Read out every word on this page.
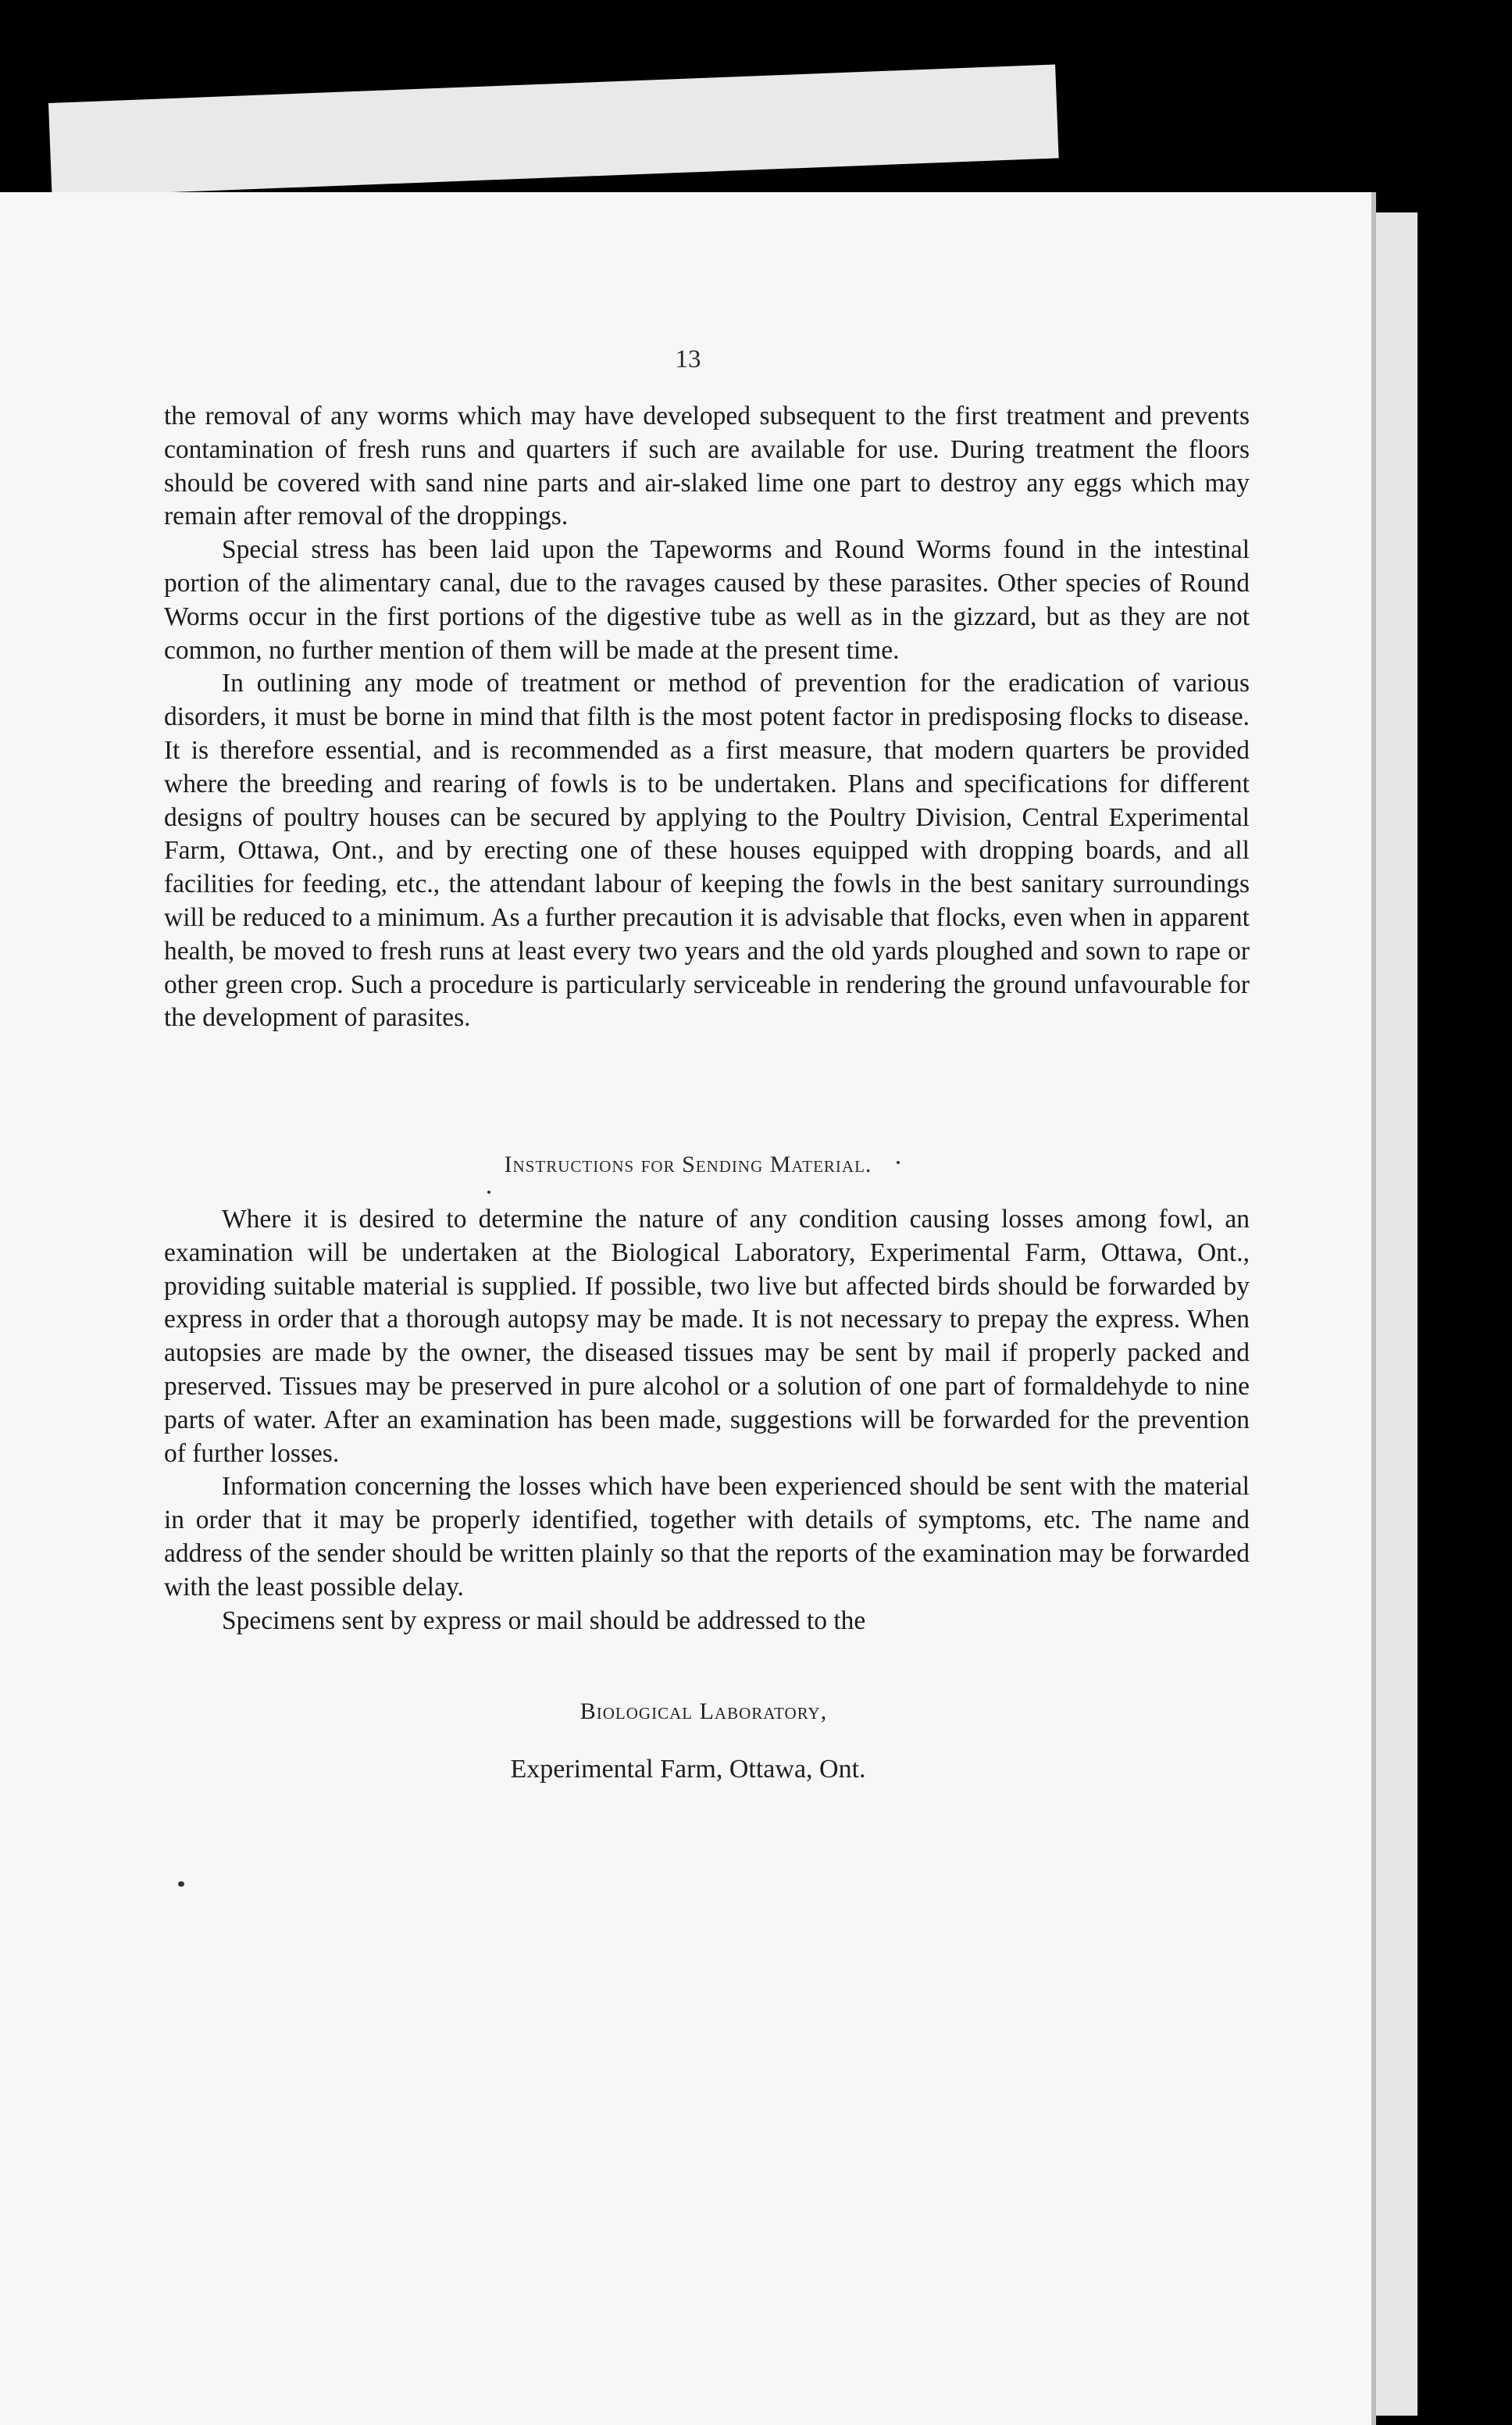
13

the removal of any worms which may have developed subsequent to the first treatment and prevents contamination of fresh runs and quarters if such are available for use. During treatment the floors should be covered with sand nine parts and air-slaked lime one part to destroy any eggs which may remain after removal of the droppings.

Special stress has been laid upon the Tapeworms and Round Worms found in the intestinal portion of the alimentary canal, due to the ravages caused by these parasites. Other species of Round Worms occur in the first portions of the digestive tube as well as in the gizzard, but as they are not common, no further mention of them will be made at the present time.

In outlining any mode of treatment or method of prevention for the eradication of various disorders, it must be borne in mind that filth is the most potent factor in predisposing flocks to disease. It is therefore essential, and is recommended as a first measure, that modern quarters be provided where the breeding and rearing of fowls is to be undertaken. Plans and specifications for different designs of poultry houses can be secured by applying to the Poultry Division, Central Experimental Farm, Ottawa, Ont., and by erecting one of these houses equipped with dropping boards, and all facilities for feeding, etc., the attendant labour of keeping the fowls in the best sanitary surroundings will be reduced to a minimum. As a further precaution it is advisable that flocks, even when in apparent health, be moved to fresh runs at least every two years and the old yards ploughed and sown to rape or other green crop. Such a procedure is particularly serviceable in rendering the ground unfavourable for the development of parasites.

Instructions for Sending Material.

Where it is desired to determine the nature of any condition causing losses among fowl, an examination will be undertaken at the Biological Laboratory, Experimental Farm, Ottawa, Ont., providing suitable material is supplied. If possible, two live but affected birds should be forwarded by express in order that a thorough autopsy may be made. It is not necessary to prepay the express. When autopsies are made by the owner, the diseased tissues may be sent by mail if properly packed and preserved. Tissues may be preserved in pure alcohol or a solution of one part of formaldehyde to nine parts of water. After an examination has been made, suggestions will be forwarded for the prevention of further losses.

Information concerning the losses which have been experienced should be sent with the material in order that it may be properly identified, together with details of symptoms, etc. The name and address of the sender should be written plainly so that the reports of the examination may be forwarded with the least possible delay.

Specimens sent by express or mail should be addressed to the

Biological Laboratory,
Experimental Farm, Ottawa, Ont.
